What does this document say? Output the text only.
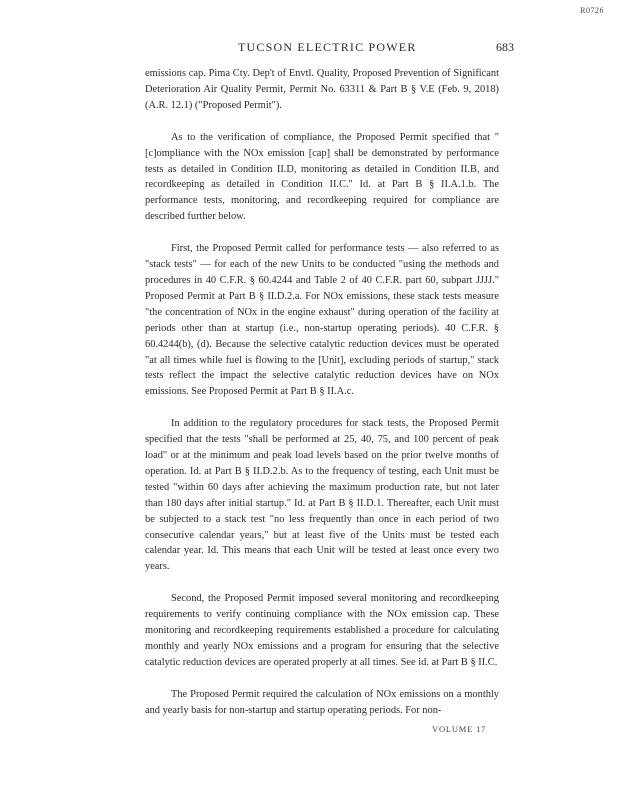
R0726
TUCSON ELECTRIC POWER	683

emissions cap. Pima Cty. Dep't of Envtl. Quality, Proposed Prevention of Significant Deterioration Air Quality Permit, Permit No. 63311 & Part B § V.E (Feb. 9, 2018) (A.R. 12.1) ("Proposed Permit").

As to the verification of compliance, the Proposed Permit specified that "[c]ompliance with the NOx emission [cap] shall be demonstrated by performance tests as detailed in Condition II.D, monitoring as detailed in Condition II.B, and recordkeeping as detailed in Condition II.C." Id. at Part B § II.A.1.b. The performance tests, monitoring, and recordkeeping required for compliance are described further below.

First, the Proposed Permit called for performance tests — also referred to as "stack tests" — for each of the new Units to be conducted "using the methods and procedures in 40 C.F.R. § 60.4244 and Table 2 of 40 C.F.R. part 60, subpart JJJJ." Proposed Permit at Part B § II.D.2.a. For NOx emissions, these stack tests measure "the concentration of NOx in the engine exhaust" during operation of the facility at periods other than at startup (i.e., non-startup operating periods). 40 C.F.R. § 60.4244(b), (d). Because the selective catalytic reduction devices must be operated "at all times while fuel is flowing to the [Unit], excluding periods of startup," stack tests reflect the impact the selective catalytic reduction devices have on NOx emissions. See Proposed Permit at Part B § II.A.c.

In addition to the regulatory procedures for stack tests, the Proposed Permit specified that the tests "shall be performed at 25, 40, 75, and 100 percent of peak load" or at the minimum and peak load levels based on the prior twelve months of operation. Id. at Part B § II.D.2.b. As to the frequency of testing, each Unit must be tested "within 60 days after achieving the maximum production rate, but not later than 180 days after initial startup." Id. at Part B § II.D.1. Thereafter, each Unit must be subjected to a stack test "no less frequently than once in each period of two consecutive calendar years," but at least five of the Units must be tested each calendar year. Id. This means that each Unit will be tested at least once every two years.

Second, the Proposed Permit imposed several monitoring and recordkeeping requirements to verify continuing compliance with the NOx emission cap. These monitoring and recordkeeping requirements established a procedure for calculating monthly and yearly NOx emissions and a program for ensuring that the selective catalytic reduction devices are operated properly at all times. See id. at Part B § II.C.

The Proposed Permit required the calculation of NOx emissions on a monthly and yearly basis for non-startup and startup operating periods. For non-

VOLUME 17
